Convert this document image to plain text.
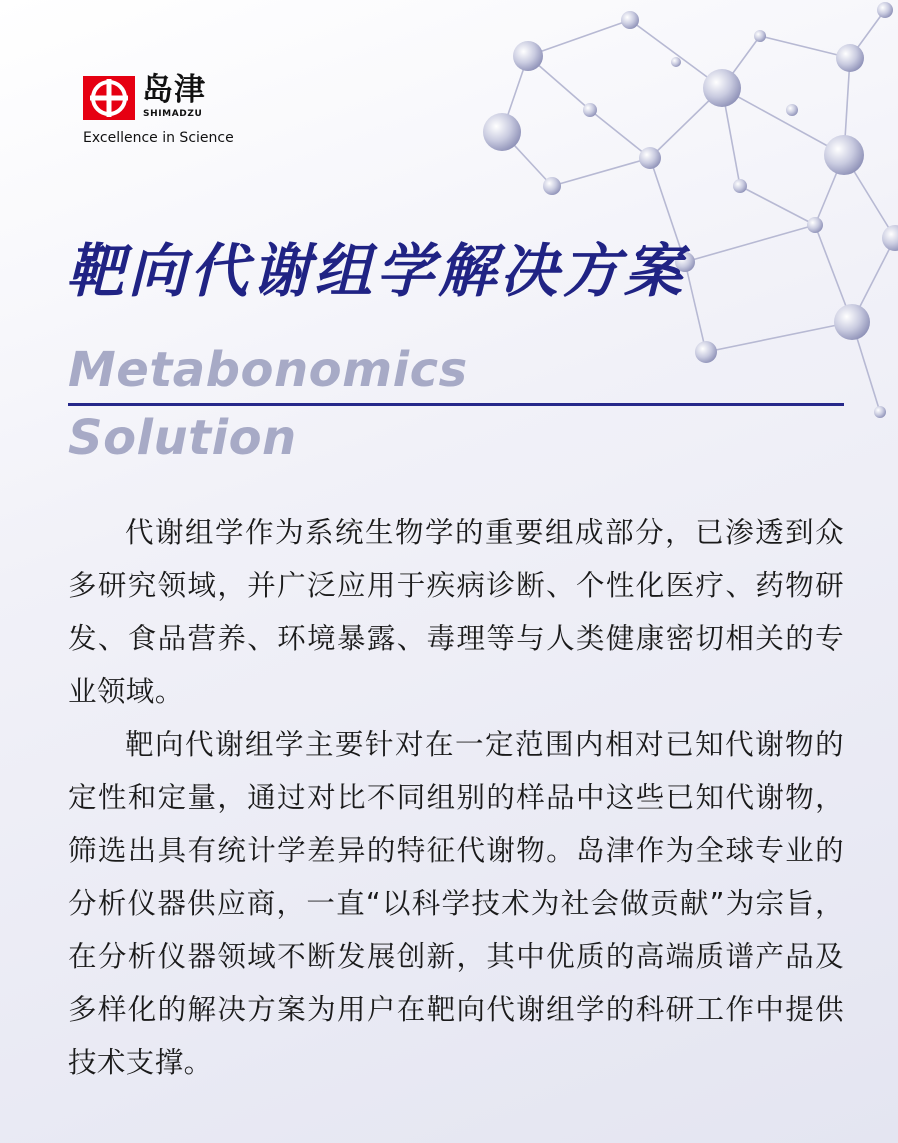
岛津
SHIMADZU
Excellence in Science
靶向代谢组学解决方案
Metabonomics
Solution

代谢组学作为系统生物学的重要组成部分，已渗透到众多研究领域，并广泛应用于疾病诊断、个性化医疗、药物研发、食品营养、环境暴露、毒理等与人类健康密切相关的专业领域。

靶向代谢组学主要针对在一定范围内相对已知代谢物的定性和定量，通过对比不同组别的样品中这些已知代谢物，筛选出具有统计学差异的特征代谢物。岛津作为全球专业的分析仪器供应商，一直“以科学技术为社会做贡献”为宗旨，在分析仪器领域不断发展创新，其中优质的高端质谱产品及多样化的解决方案为用户在靶向代谢组学的科研工作中提供技术支撑。
